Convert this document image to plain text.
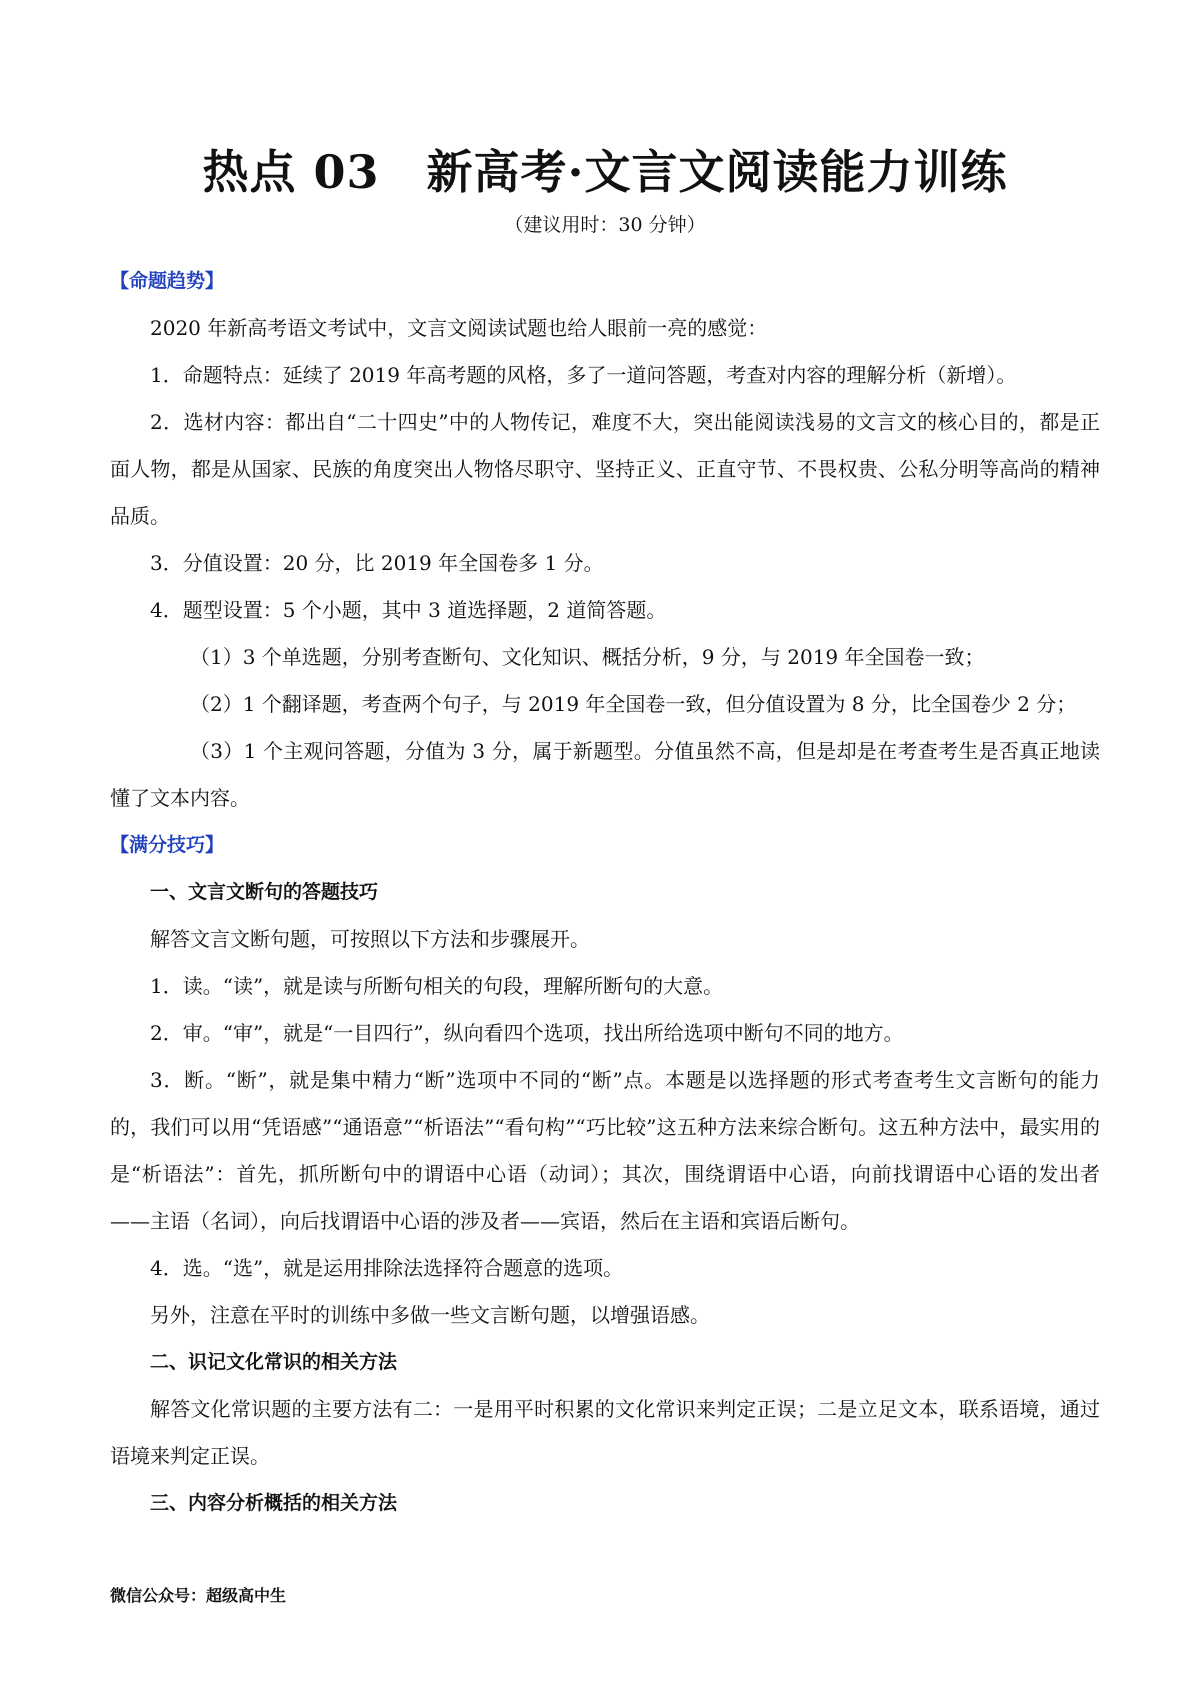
热点 03　新高考·文言文阅读能力训练
（建议用时：30 分钟）

【命题趋势】

2020 年新高考语文考试中，文言文阅读试题也给人眼前一亮的感觉：

1．命题特点：延续了 2019 年高考题的风格，多了一道问答题，考查对内容的理解分析（新增）。

2．选材内容：都出自“二十四史”中的人物传记，难度不大，突出能阅读浅易的文言文的核心目的，都是正面人物，都是从国家、民族的角度突出人物恪尽职守、坚持正义、正直守节、不畏权贵、公私分明等高尚的精神品质。

3．分值设置：20 分，比 2019 年全国卷多 1 分。

4．题型设置：5 个小题，其中 3 道选择题，2 道简答题。

（1）3 个单选题，分别考查断句、文化知识、概括分析，9 分，与 2019 年全国卷一致；

（2）1 个翻译题，考查两个句子，与 2019 年全国卷一致，但分值设置为 8 分，比全国卷少 2 分；

（3）1 个主观问答题，分值为 3 分，属于新题型。分值虽然不高，但是却是在考查考生是否真正地读懂了文本内容。

【满分技巧】

一、文言文断句的答题技巧

解答文言文断句题，可按照以下方法和步骤展开。

1．读。“读”，就是读与所断句相关的句段，理解所断句的大意。

2．审。“审”，就是“一目四行”，纵向看四个选项，找出所给选项中断句不同的地方。

3．断。“断”，就是集中精力“断”选项中不同的“断”点。本题是以选择题的形式考查考生文言断句的能力的，我们可以用“凭语感”“通语意”“析语法”“看句构”“巧比较”这五种方法来综合断句。这五种方法中，最实用的是“析语法”：首先，抓所断句中的谓语中心语（动词）；其次，围绕谓语中心语，向前找谓语中心语的发出者——主语（名词），向后找谓语中心语的涉及者——宾语，然后在主语和宾语后断句。

4．选。“选”，就是运用排除法选择符合题意的选项。

另外，注意在平时的训练中多做一些文言断句题，以增强语感。

二、识记文化常识的相关方法

解答文化常识题的主要方法有二：一是用平时积累的文化常识来判定正误；二是立足文本，联系语境，通过语境来判定正误。

三、内容分析概括的相关方法

微信公众号：超级高中生
